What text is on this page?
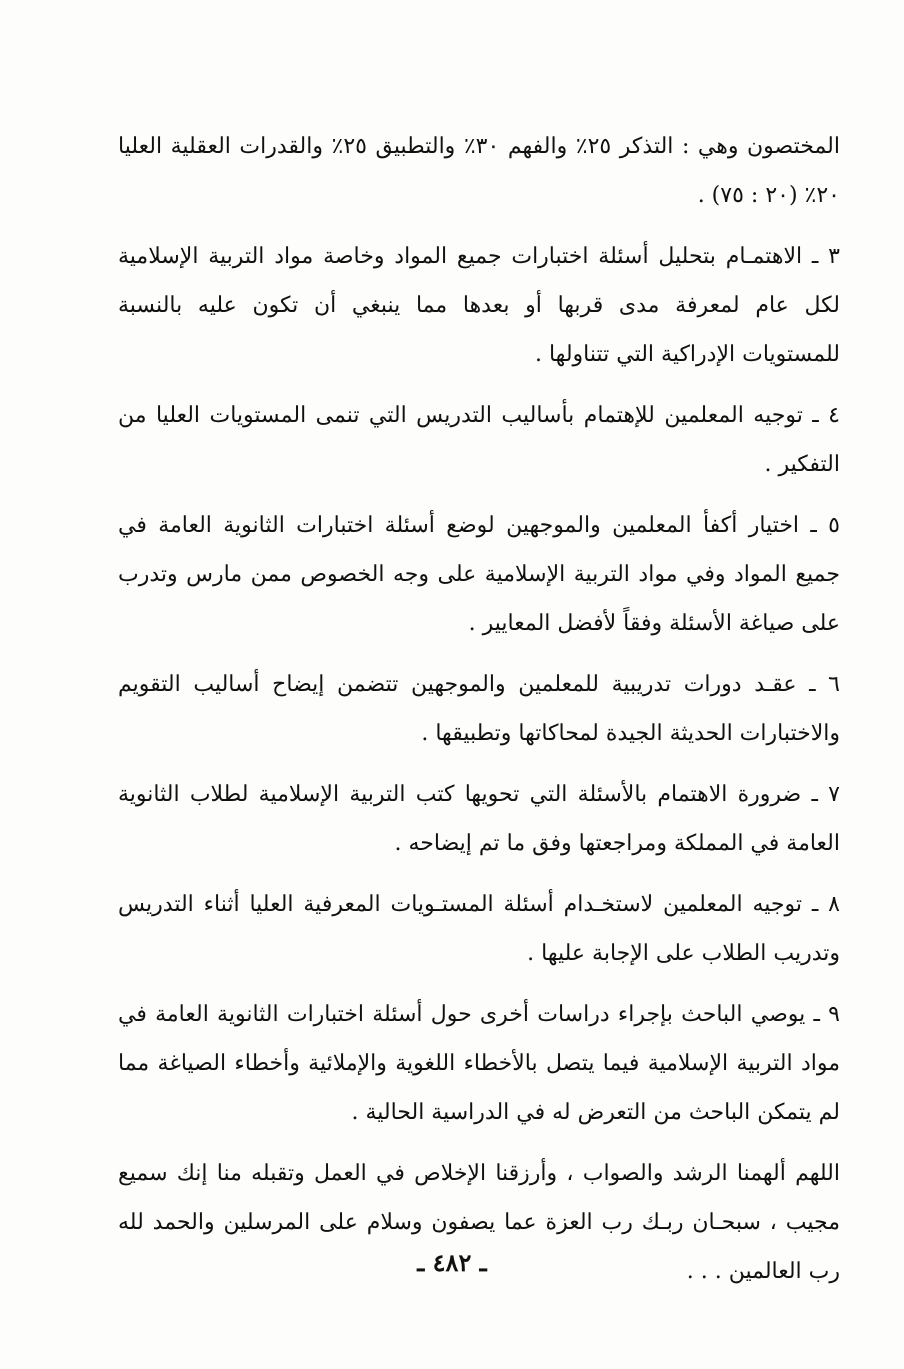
المختصون وهي : التذكر ٢٥٪ والفهم ٣٠٪ والتطبيق ٢٥٪ والقدرات العقلية العليا ٢٠٪ (٢٠ : ٧٥) .

٣ ـ الاهتمـام بتحليل أسئلة اختبارات جميع المواد وخاصة مواد التربية الإسلامية لكل عام لمعرفة مدى قربها أو بعدها مما ينبغي أن تكون عليه بالنسبة للمستويات الإدراكية التي تتناولها .

٤ ـ توجيه المعلمين للإهتمام بأساليب التدريس التي تنمى المستويات العليا من التفكير .

٥ ـ اختيار أكفأ المعلمين والموجهين لوضع أسئلة اختبارات الثانوية العامة في جميع المواد وفي مواد التربية الإسلامية على وجه الخصوص ممن مارس وتدرب على صياغة الأسئلة وفقاً لأفضل المعايير .

٦ ـ عقـد دورات تدريبية للمعلمين والموجهين تتضمن إيضاح أساليب التقويم والاختبارات الحديثة الجيدة لمحاكاتها وتطبيقها .

٧ ـ ضرورة الاهتمام بالأسئلة التي تحويها كتب التربية الإسلامية لطلاب الثانوية العامة في المملكة ومراجعتها وفق ما تم إيضاحه .

٨ ـ توجيه المعلمين لاستخـدام أسئلة المستـويات المعرفية العليا أثناء التدريس وتدريب الطلاب على الإجابة عليها .

٩ ـ يوصي الباحث بإجراء دراسات أخرى حول أسئلة اختبارات الثانوية العامة في مواد التربية الإسلامية فيما يتصل بالأخطاء اللغوية والإملائية وأخطاء الصياغة مما لم يتمكن الباحث من التعرض له في الدراسية الحالية .

اللهم ألهمنا الرشد والصواب ، وأرزقنا الإخلاص في العمل وتقبله منا إنك سميع مجيب ، سبحـان ربـك رب العزة عما يصفون وسلام على المرسلين والحمد لله رب العالمين . . .

ـ ٤٨٢ ـ
